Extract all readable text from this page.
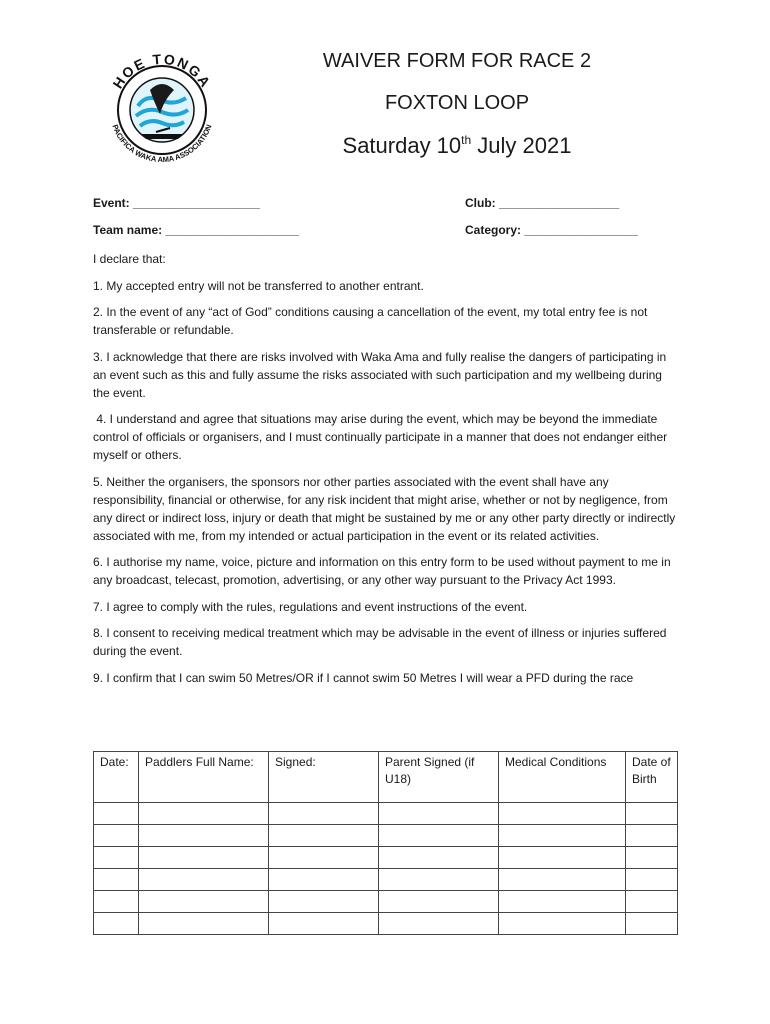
HOE TONGA
PACIFICA WAKA AMA ASSOCIATION
WAIVER FORM FOR RACE 2
FOXTON LOOP
Saturday 10th July 2021
Event: ___________________	Club: __________________
Team name: ____________________	Category: _________________

I declare that:

1. My accepted entry will not be transferred to another entrant.

2. In the event of any “act of God” conditions causing a cancellation of the event, my total entry fee is not transferable or refundable.

3. I acknowledge that there are risks involved with Waka Ama and fully realise the dangers of participating in an event such as this and fully assume the risks associated with such participation and my wellbeing during the event.

4. I understand and agree that situations may arise during the event, which may be beyond the immediate control of officials or organisers, and I must continually participate in a manner that does not endanger either myself or others.

5. Neither the organisers, the sponsors nor other parties associated with the event shall have any responsibility, financial or otherwise, for any risk incident that might arise, whether or not by negligence, from any direct or indirect loss, injury or death that might be sustained by me or any other party directly or indirectly associated with me, from my intended or actual participation in the event or its related activities.

6. I authorise my name, voice, picture and information on this entry form to be used without payment to me in any broadcast, telecast, promotion, advertising, or any other way pursuant to the Privacy Act 1993.

7. I agree to comply with the rules, regulations and event instructions of the event.

8. I consent to receiving medical treatment which may be advisable in the event of illness or injuries suffered during the event.

9. I confirm that I can swim 50 Metres/OR if I cannot swim 50 Metres I will wear a PFD during the race

Date:	Paddlers Full Name:	Signed:	Parent Signed (if U18)	Medical Conditions	Date of Birth
